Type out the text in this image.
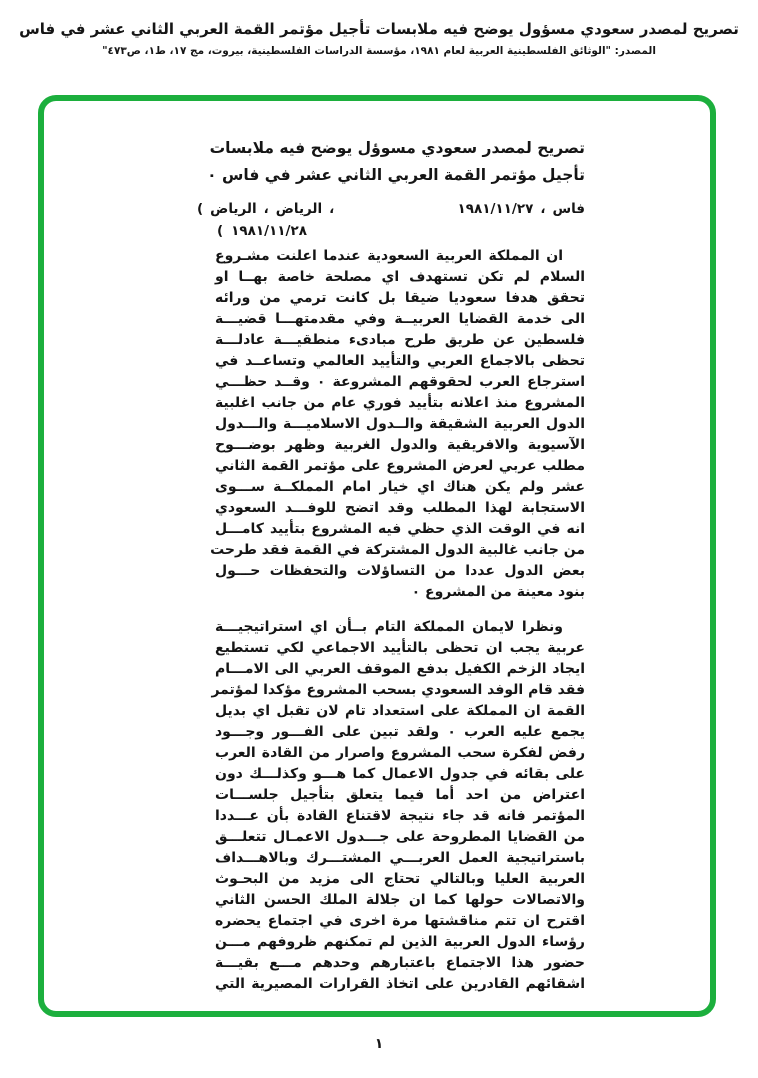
تصريح لمصدر سعودي مسؤول يوضح فيه ملابسات تأجيل مؤتمر القمة العربي الثاني عشر في فاس
المصدر: "الوثائق الفلسطينية العربية لعام ١٩٨١، مؤسسة الدراسات الفلسطينية، بيروت، مج ١٧، ط١، ص٤٧٣"
تصريح لمصدر سعودي مسوؤل يوضح فيه ملابسات
تأجيل مؤتمر القمة العربي الثاني عشر في فاس ٠
( الرياض ، الرياض ،	١٩٨١/١١/٢٧ ، فاس
( ١٩٨١/١١/٢٨
ان المملكة العربية السعودية عندما اعلنت مشـروع
السلام لم تكن تستهدف اي مصلحة خاصة بهــا او
تحقق هدفا سعوديا ضيقا بل كانت ترمي من ورائه
الى خدمة القضايا العربيــة وفي مقدمتهـــا قضيـــة
فلسطين عن طريق طرح مبادىء منطقيـــة عادلـــة
تحظى بالاجماع العربي والتأييد العالمي وتساعــد في
استرجاع العرب لحقوقهم المشروعة ٠ وقــد حظـــي
المشروع منذ اعلانه بتأييد فوري عام من جانب اغلبية
الدول العربية الشقيقة والــدول الاسلاميـــة والـــدول
الآسيوية والافريقية والدول الغربية وظهر بوضـــوح
مطلب عربي لعرض المشروع على مؤتمر القمة الثاني
عشر ولم يكن هناك اي خيار امام المملكــة ســـوى
الاستجابة لهذا المطلب وقد اتضح للوفـــد السعودي
انه في الوقت الذي حظي فيه المشروع بتأييد كامـــل
من جانب غالبية الدول المشتركة في القمة فقد طرحت
بعض الدول عددا من التساؤلات والتحفظات حـــول
بنود معينة من المشروع ٠
ونظرا لايمان المملكة التام بــأن اي استراتيجيـــة
عربية يجب ان تحظى بالتأييد الاجماعي لكي تستطيع
ايجاد الزخم الكفيل بدفع الموقف العربي الى الامـــام
فقد قام الوفد السعودي بسحب المشروع مؤكدا لمؤتمر
القمة ان المملكة على استعداد تام لان تقبل اي بديل
يجمع عليه العرب ٠ ولقد تبين على الفـــور وجـــود
رفض لفكرة سحب المشروع واصرار من القادة العرب
على بقائه في جدول الاعمال كما هـــو وكذلـــك دون
اعتراض من احد أما فيما يتعلق بتأجيل جلســـات
المؤتمر فانه قد جاء نتيجة لاقتناع القادة بأن عـــددا
من القضايا المطروحة على جـــدول الاعمـال تتعلـــق
باستراتيجية العمل العربـــي المشتـــرك وبالاهـــداف
العربية العليا وبالتالي تحتاج الى مزيد من البحـوث
والاتصالات حولها كما ان جلالة الملك الحسن الثاني
اقترح ان تتم مناقشتها مرة اخرى في اجتماع يحضره
رؤساء الدول العربية الذين لم تمكنهم ظروفهم مـــن
حضور هذا الاجتماع باعتبارهم وحدهم مـــع بقيـــة
اشقائهم القادرين على اتخاذ القرارات المصيرية التي
١
